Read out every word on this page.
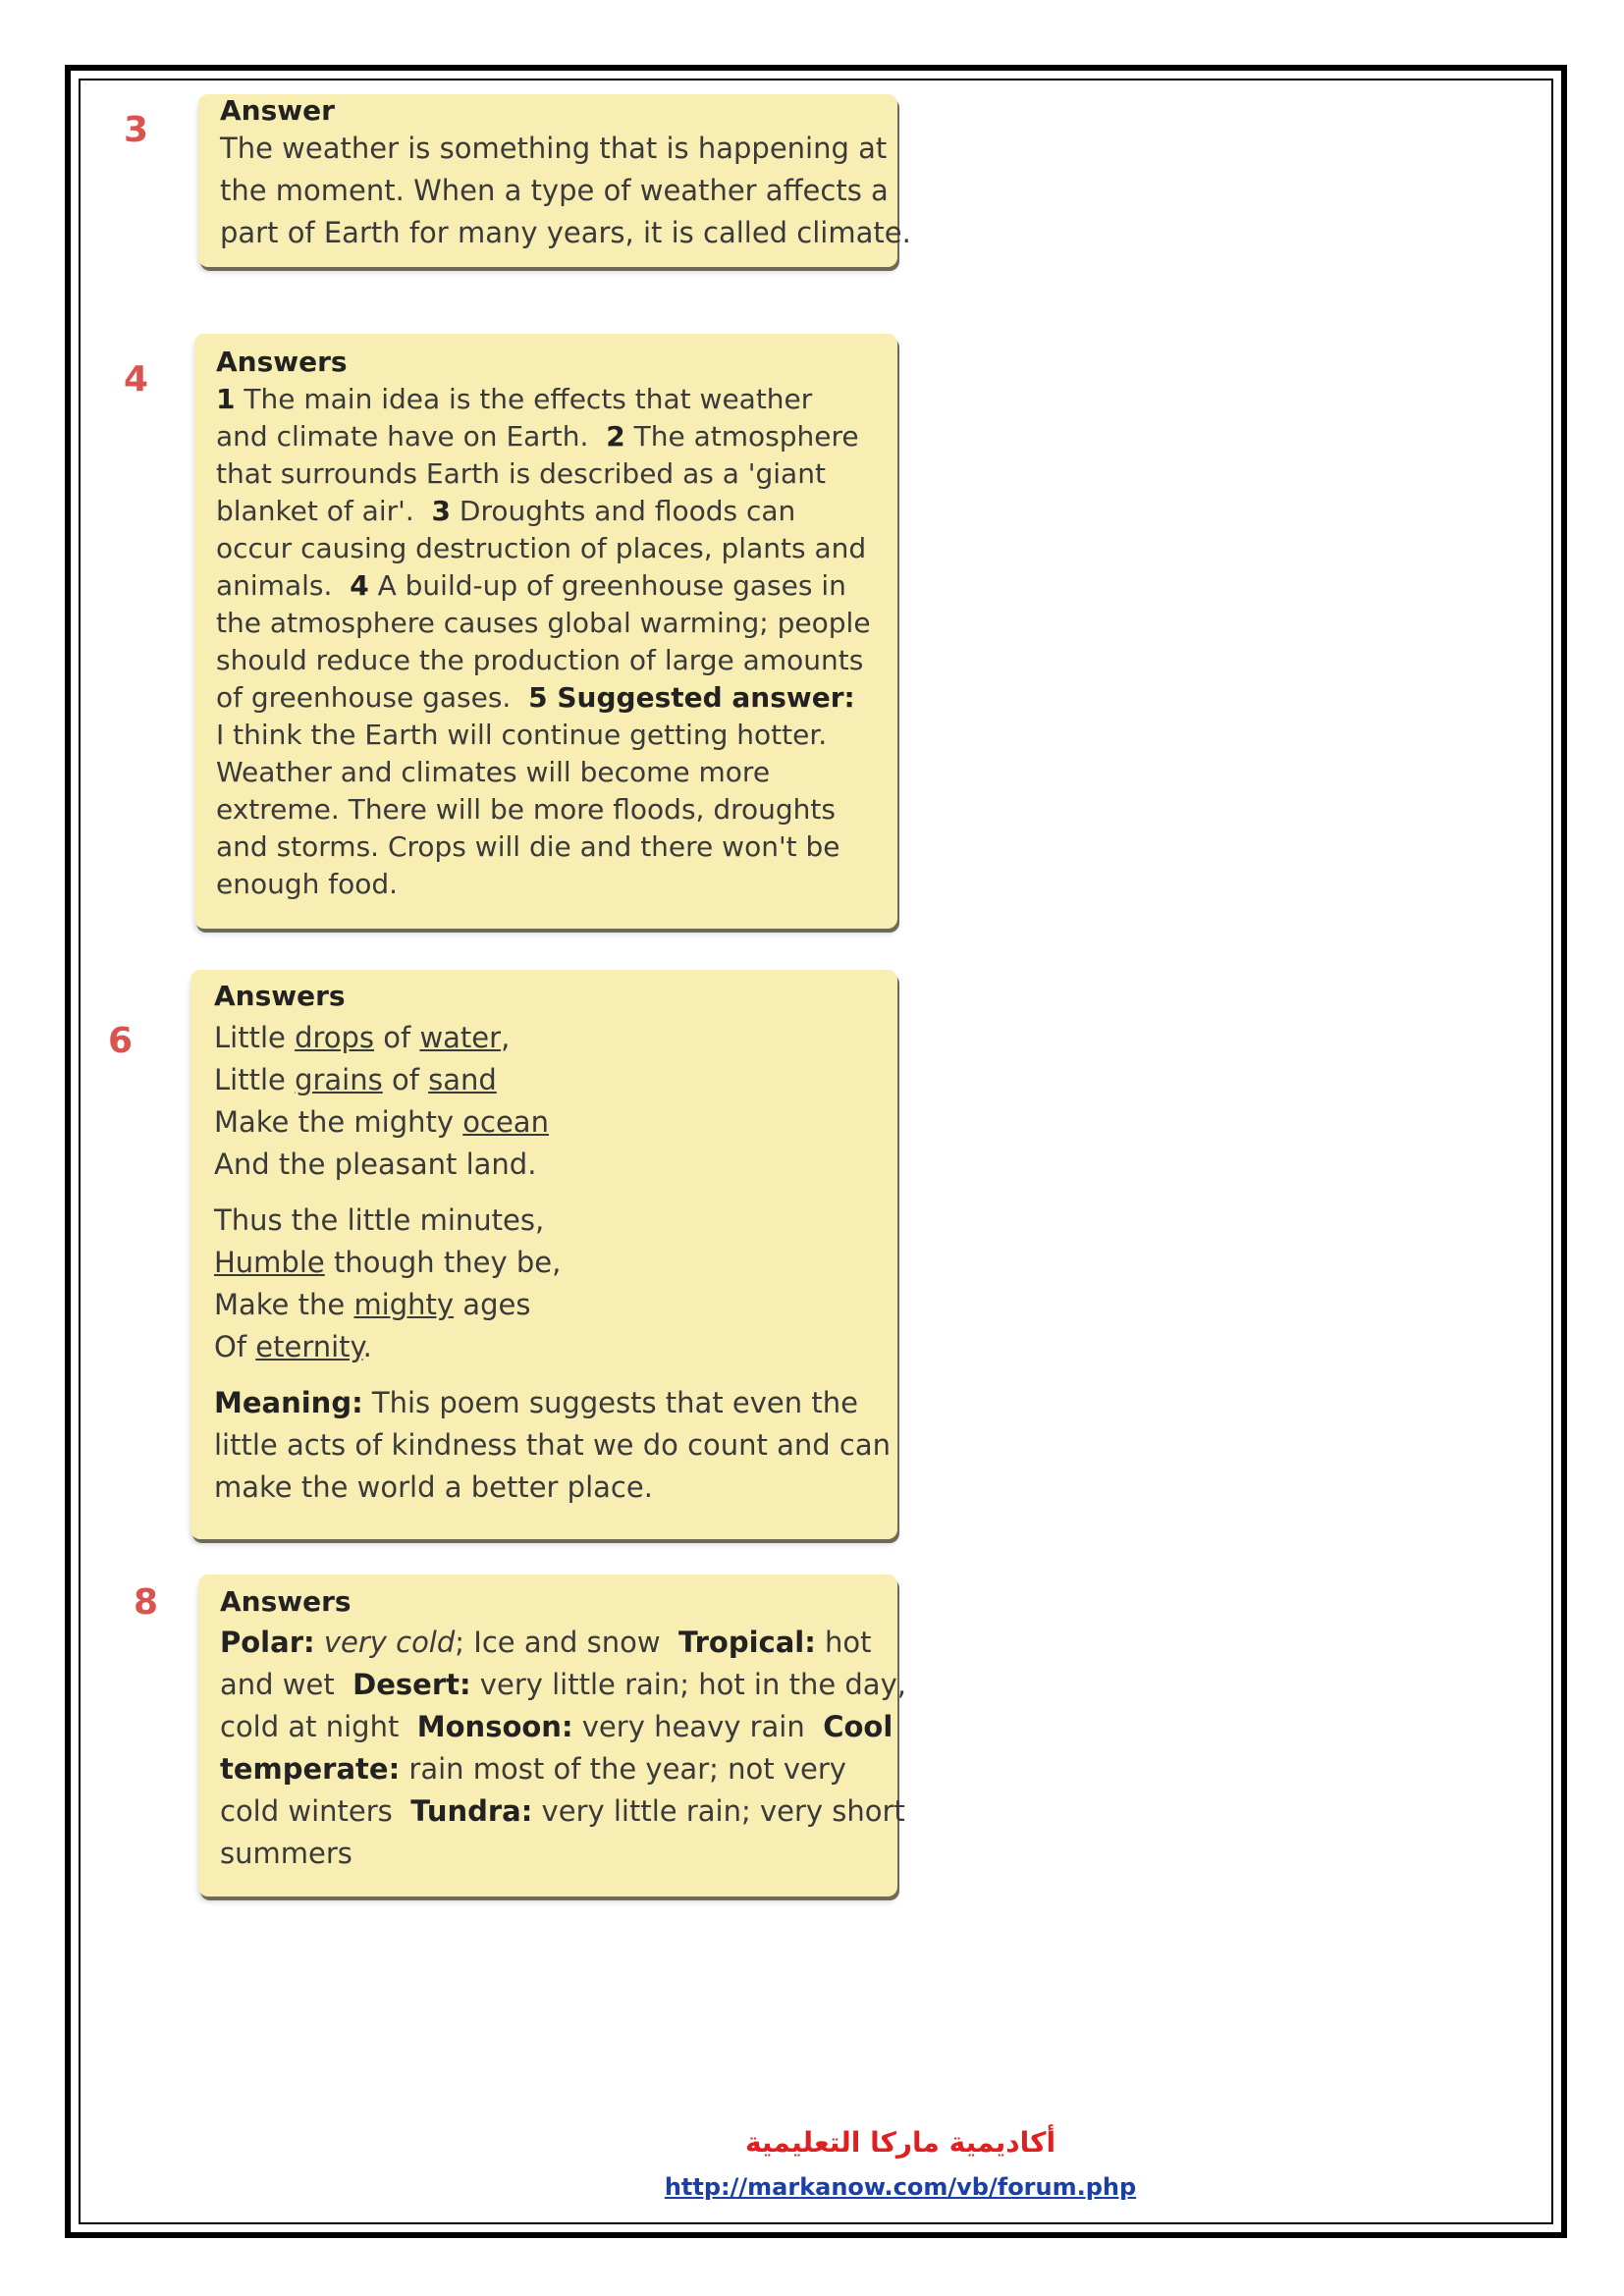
3	Answer
The weather is something that is happening at
the moment. When a type of weather affects a
part of Earth for many years, it is called climate.
4 Answers
1 The main idea is the effects that weather
and climate have on Earth. 2 The atmosphere
that surrounds Earth is described as a 'giant
blanket of air'. 3 Droughts and floods can
occur causing destruction of places, plants and
animals. 4 A build-up of greenhouse gases in
the atmosphere causes global warming; people
should reduce the production of large amounts
of greenhouse gases. 5 Suggested answer:
I think the Earth will continue getting hotter.
Weather and climates will become more
extreme. There will be more floods, droughts
and storms. Crops will die and there won't be
enough food.
6
Answers
Little drops of water,
Little grains of sand
Make the mighty ocean
And the pleasant land.
Thus the little minutes,
Humble though they be,
Make the mighty ages
Of eternity.
Meaning: This poem suggests that even the
little acts of kindness that we do count and can
make the world a better place.
8 Answers
Polar: very cold; Ice and snow Tropical: hot
and wet Desert: very little rain; hot in the day,
cold at night Monsoon: very heavy rain Cool
temperate: rain most of the year; not very
cold winters Tundra: very little rain; very short
summers
أكاديمية ماركا التعليمية
http://markanow.com/vb/forum.php
